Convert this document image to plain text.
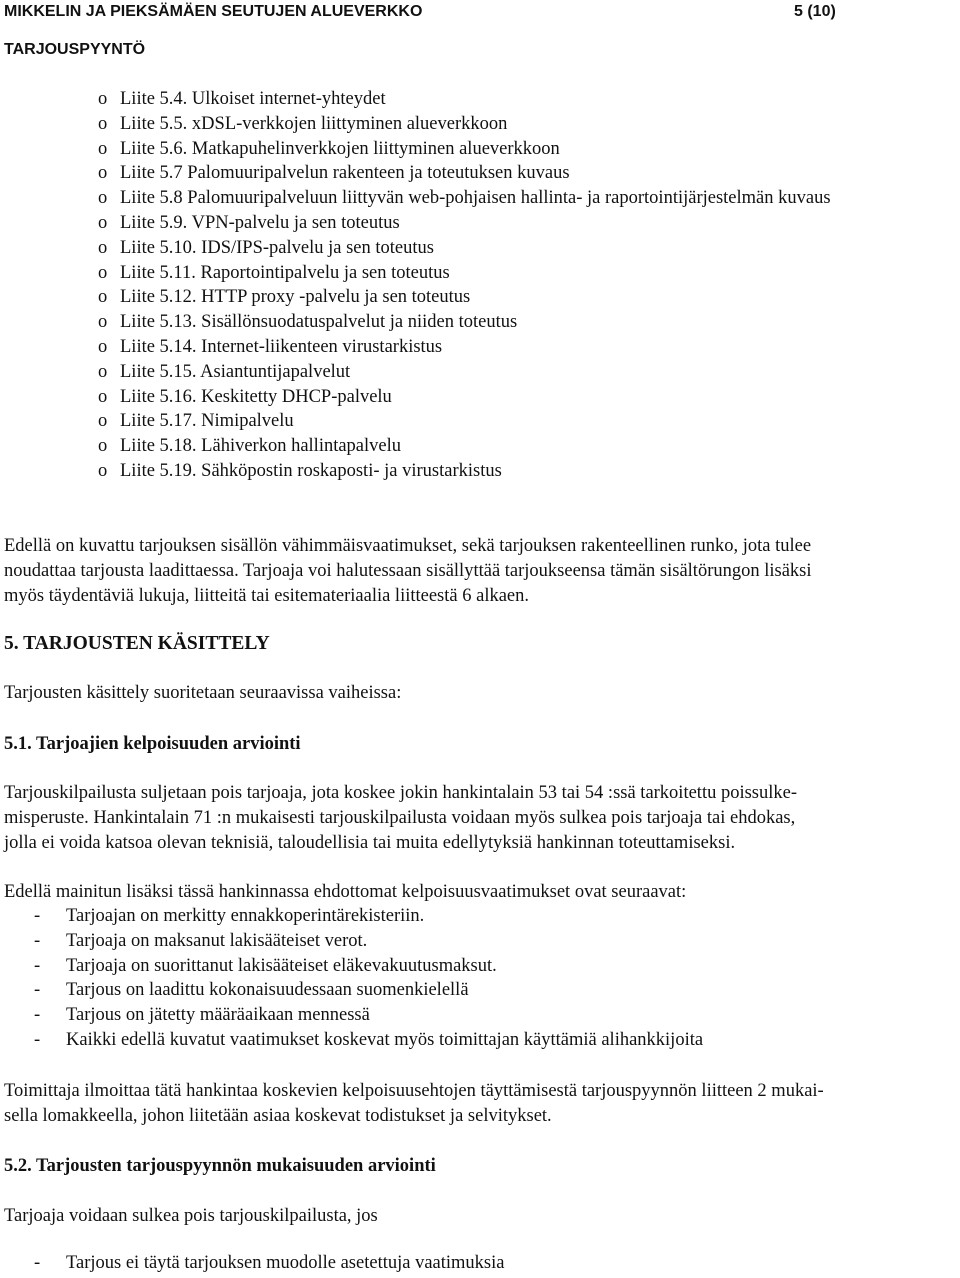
MIKKELIN JA PIEKSÄMÄEN SEUTUJEN ALUEVERKKO	5 (10)
TARJOUSPYYNTÖ
o Liite 5.4. Ulkoiset internet-yhteydet
o Liite 5.5. xDSL-verkkojen liittyminen alueverkkoon
o Liite 5.6. Matkapuhelinverkkojen liittyminen alueverkkoon
o Liite 5.7 Palomuuripalvelun rakenteen ja toteutuksen kuvaus
o Liite 5.8 Palomuuripalveluun liittyvän web-pohjaisen hallinta- ja raportointijärjestelmän kuvaus
o Liite 5.9. VPN-palvelu ja sen toteutus
o Liite 5.10. IDS/IPS-palvelu ja sen toteutus
o Liite 5.11. Raportointipalvelu ja sen toteutus
o Liite 5.12. HTTP proxy -palvelu ja sen toteutus
o Liite 5.13. Sisällönsuodatuspalvelut ja niiden toteutus
o Liite 5.14. Internet-liikenteen virustarkistus
o Liite 5.15. Asiantuntijapalvelut
o Liite 5.16. Keskitetty DHCP-palvelu
o Liite 5.17. Nimipalvelu
o Liite 5.18. Lähiverkon hallintapalvelu
o Liite 5.19. Sähköpostin roskaposti- ja virustarkistus
Edellä on kuvattu tarjouksen sisällön vähimmäisvaatimukset, sekä tarjouksen rakenteellinen runko, jota tulee
noudattaa tarjousta laadittaessa. Tarjoaja voi halutessaan sisällyttää tarjoukseensa tämän sisältörungon lisäksi
myös täydentäviä lukuja, liitteitä tai esitemateriaalia liitteestä 6 alkaen.
5. TARJOUSTEN KÄSITTELY
Tarjousten käsittely suoritetaan seuraavissa vaiheissa:
5.1. Tarjoajien kelpoisuuden arviointi
Tarjouskilpailusta suljetaan pois tarjoaja, jota koskee jokin hankintalain 53 tai 54 :ssä tarkoitettu poissulke-
misperuste. Hankintalain 71 :n mukaisesti tarjouskilpailusta voidaan myös sulkea pois tarjoaja tai ehdokas,
jolla ei voida katsoa olevan teknisiä, taloudellisia tai muita edellytyksiä hankinnan toteuttamiseksi.
Edellä mainitun lisäksi tässä hankinnassa ehdottomat kelpoisuusvaatimukset ovat seuraavat:
- Tarjoajan on merkitty ennakkoperintärekisteriin.
- Tarjoaja on maksanut lakisääteiset verot.
- Tarjoaja on suorittanut lakisääteiset eläkevakuutusmaksut.
- Tarjous on laadittu kokonaisuudessaan suomenkielellä
- Tarjous on jätetty määräaikaan mennessä
- Kaikki edellä kuvatut vaatimukset koskevat myös toimittajan käyttämiä alihankkijoita
Toimittaja ilmoittaa tätä hankintaa koskevien kelpoisuusehtojen täyttämisestä tarjouspyynnön liitteen 2 mukai-
sella lomakkeella, johon liitetään asiaa koskevat todistukset ja selvitykset.
5.2. Tarjousten tarjouspyynnön mukaisuuden arviointi
Tarjoaja voidaan sulkea pois tarjouskilpailusta, jos
- Tarjous ei täytä tarjouksen muodolle asetettuja vaatimuksia
